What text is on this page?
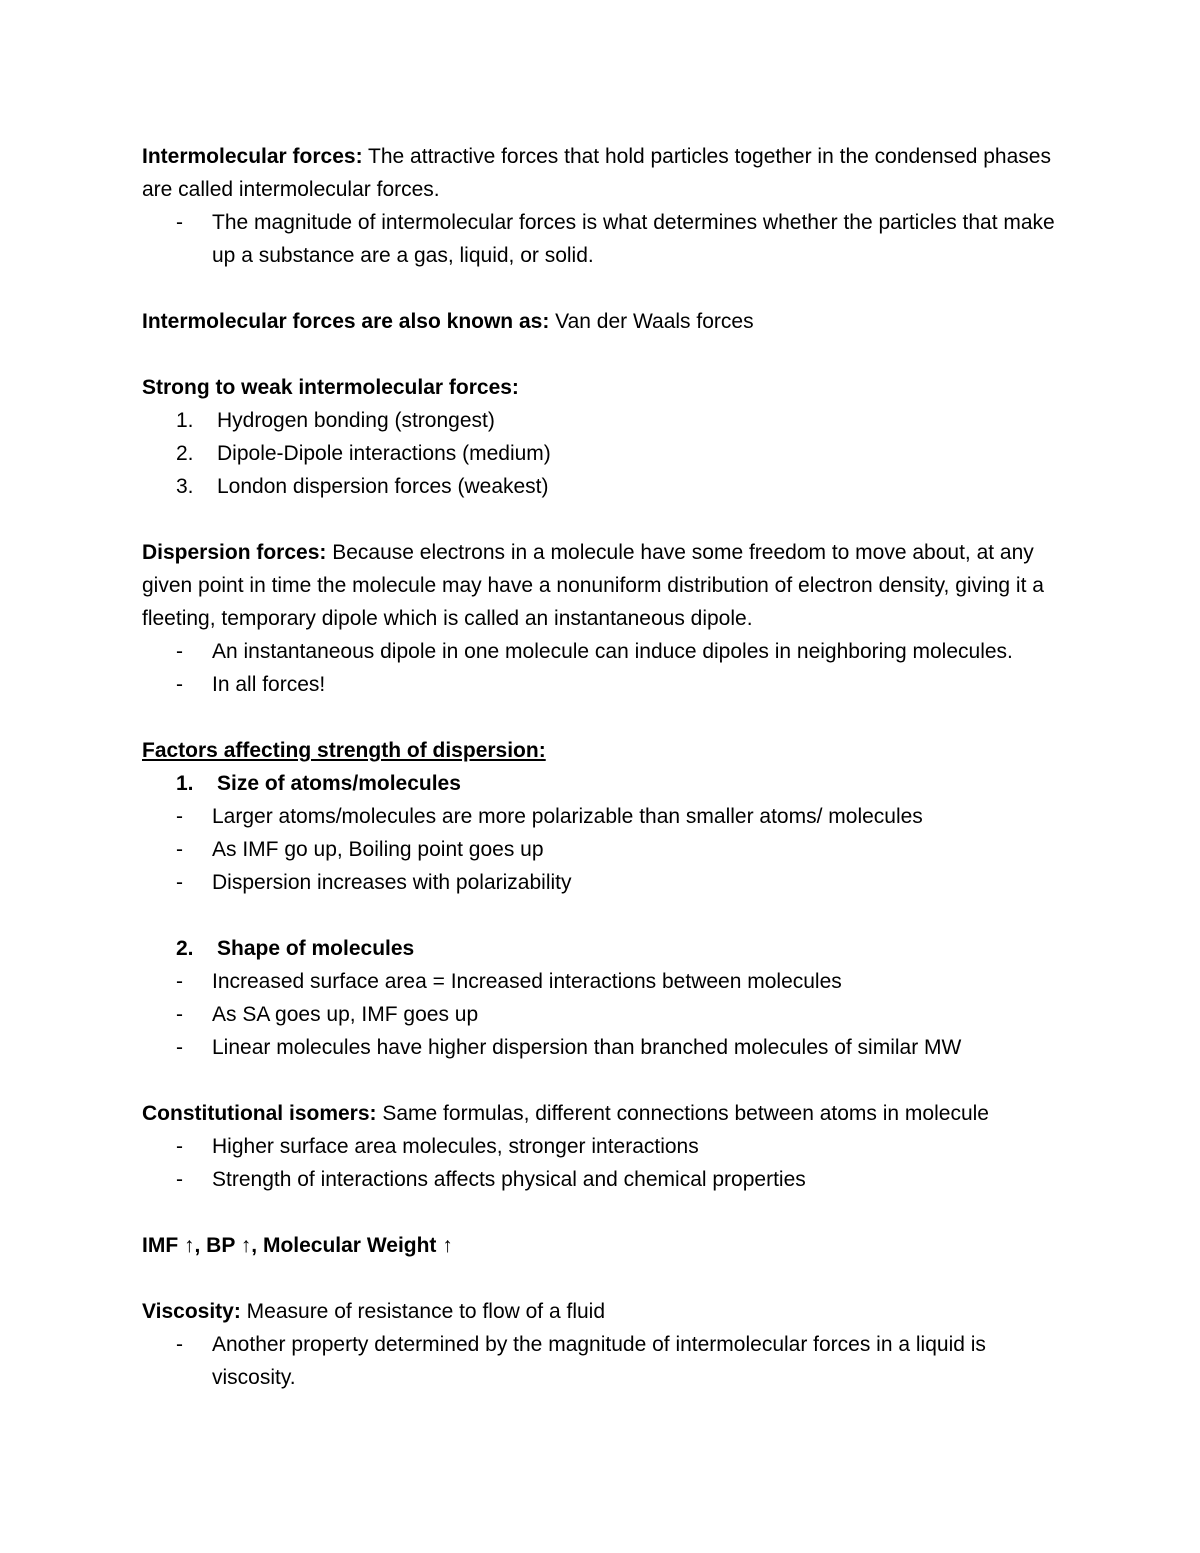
Intermolecular forces: The attractive forces that hold particles together in the condensed phases are called intermolecular forces.

- The magnitude of intermolecular forces is what determines whether the particles that make up a substance are a gas, liquid, or solid.

Intermolecular forces are also known as: Van der Waals forces

Strong to weak intermolecular forces:

1. Hydrogen bonding (strongest)

2. Dipole-Dipole interactions (medium)

3. London dispersion forces (weakest)

Dispersion forces: Because electrons in a molecule have some freedom to move about, at any given point in time the molecule may have a nonuniform distribution of electron density, giving it a fleeting, temporary dipole which is called an instantaneous dipole.

- An instantaneous dipole in one molecule can induce dipoles in neighboring molecules.

- In all forces!

Factors affecting strength of dispersion:

1. Size of atoms/molecules

- Larger atoms/molecules are more polarizable than smaller atoms/ molecules

- As IMF go up, Boiling point goes up

- Dispersion increases with polarizability

2. Shape of molecules

- Increased surface area = Increased interactions between molecules

- As SA goes up, IMF goes up

- Linear molecules have higher dispersion than branched molecules of similar MW

Constitutional isomers: Same formulas, different connections between atoms in molecule

- Higher surface area molecules, stronger interactions

- Strength of interactions affects physical and chemical properties

IMF ↑, BP ↑, Molecular Weight ↑

Viscosity: Measure of resistance to flow of a fluid

- Another property determined by the magnitude of intermolecular forces in a liquid is viscosity.
